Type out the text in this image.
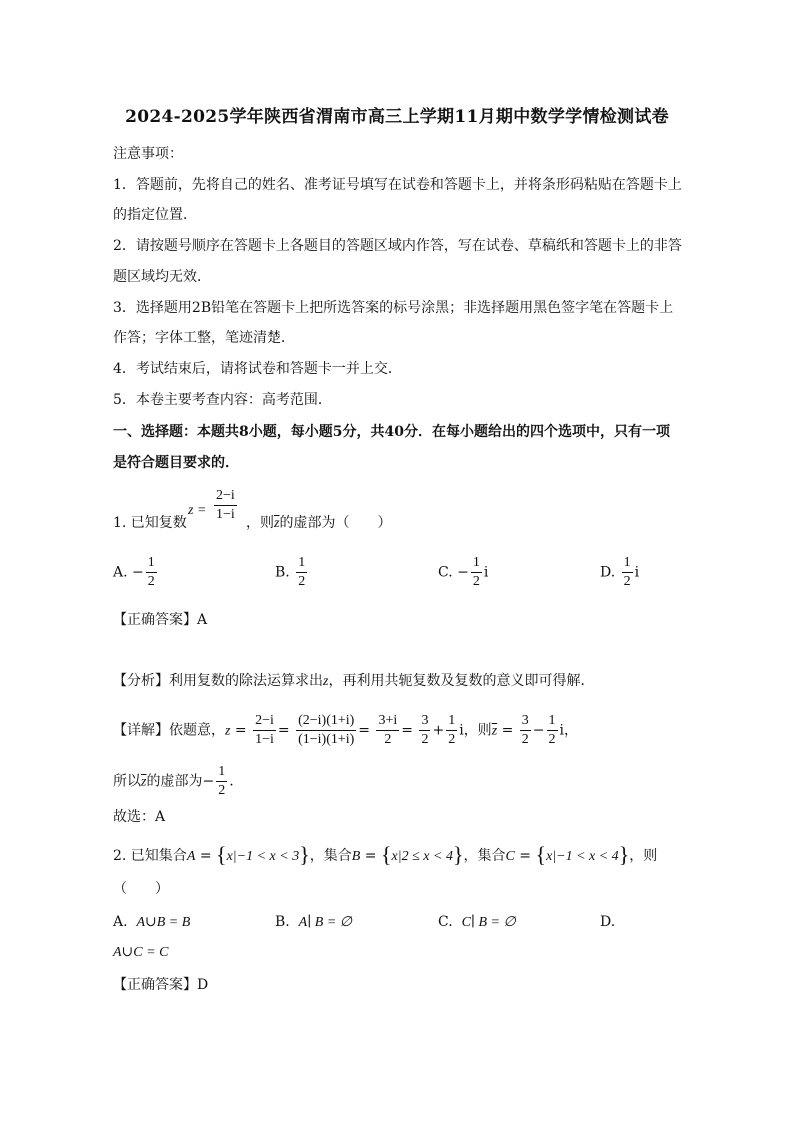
2024-2025学年陕西省渭南市高三上学期11月期中数学学情检测试卷
注意事项：
1．答题前，先将自己的姓名、准考证号填写在试卷和答题卡上，并将条形码粘贴在答题卡上
的指定位置．
2．请按题号顺序在答题卡上各题目的答题区域内作答，写在试卷、草稿纸和答题卡上的非答
题区域均无效．
3．选择题用2B铅笔在答题卡上把所选答案的标号涂黑；非选择题用黑色签字笔在答题卡上
作答；字体工整，笔迹清楚．
4．考试结束后，请将试卷和答题卡一并上交．
5．本卷主要考查内容：高考范围．
一、选择题：本题共8小题，每小题5分，共40分．在每小题给出的四个选项中，只有一项
是符合题目要求的．
1. 已知复数
$z = \frac{2-i}{1-i}$ ，则$\overline{z}$的虚部为（　　）
A. − $\frac{1}{2}$	B. $\frac{1}{2}$	C. − $\frac{1}{2}$ i	D. $\frac{1}{2}$ i
【正确答案】A
【分析】利用复数的除法运算求出z，再利用共轭复数及复数的意义即可得解．
【详解】依题意，$z = \frac{2-i}{1-i} = \frac{(2-i)(1+i)}{(1-i)(1+i)} = \frac{3+i}{2} = \frac{3}{2} + \frac{1}{2}$ i，则$\overline{z} = \frac{3}{2} - \frac{1}{2}$ i，
所以$\overline{z}$的虚部为− $\frac{1}{2}$ .
故选：A
2. 已知集合A = {x|−1 < x < 3}，集合B = {x|2 ≤ x < 4}，集合C = {x|−1 < x < 4}，则
（　　）
A. A∪B = B	B. A∣ B = ∅	C. C∣ B = ∅	D.
A∪C = C
【正确答案】D
